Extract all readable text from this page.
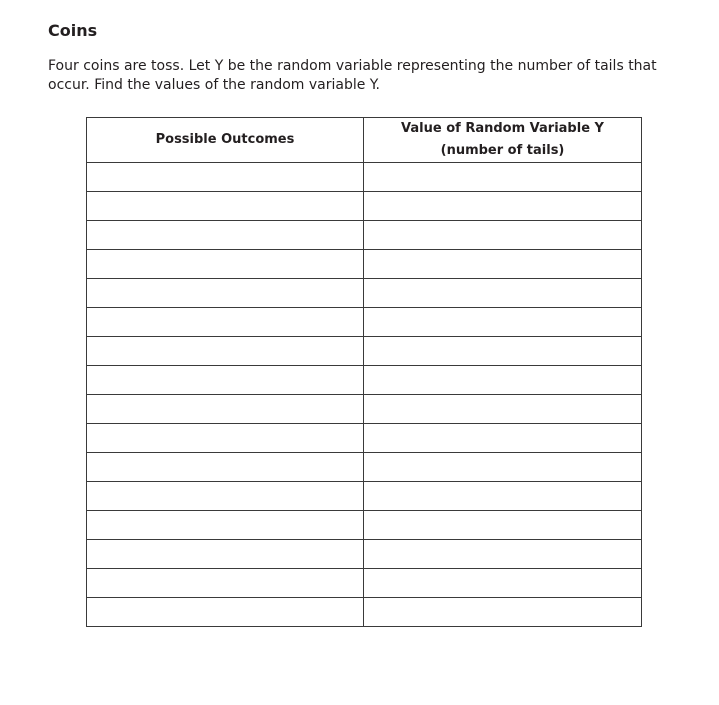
Coins

Four coins are toss. Let Y be the random variable representing the number of tails that occur. Find the values of the random variable Y.

Possible Outcomes	Value of Random Variable Y
(number of tails)
